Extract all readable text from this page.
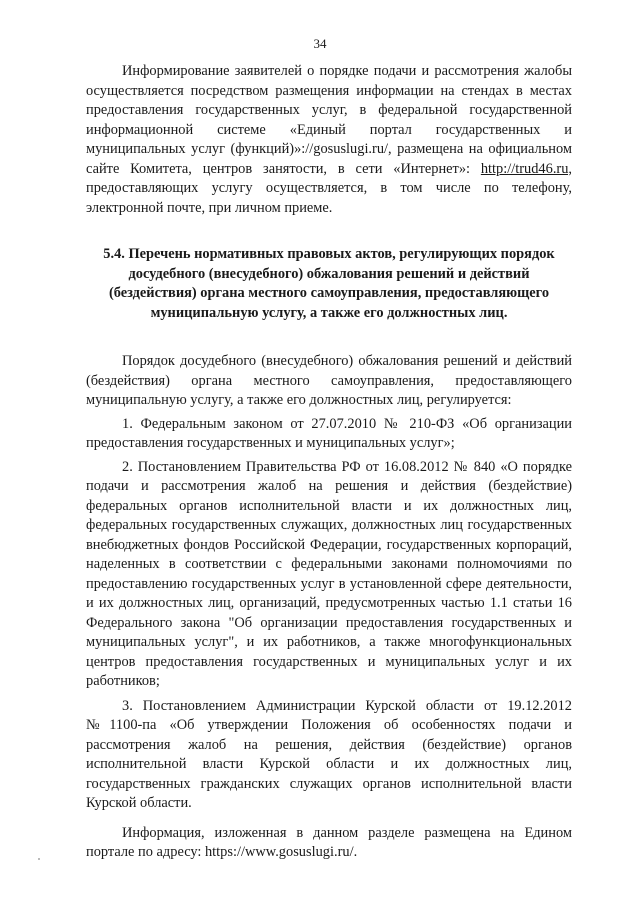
34

Информирование заявителей о порядке подачи и рассмотрения жалобы осуществляется посредством размещения информации на стендах в местах предоставления государственных услуг, в федеральной государственной информационной системе «Единый портал государственных и муниципальных услуг (функций)»://gosuslugi.ru/, размещена на официальном сайте Комитета, центров занятости, в сети «Интернет»: http://trud46.ru, предоставляющих услугу осуществляется, в том числе по телефону, электронной почте, при личном приеме.

5.4. Перечень нормативных правовых актов, регулирующих порядок досудебного (внесудебного) обжалования решений и действий (бездействия) органа местного самоуправления, предоставляющего муниципальную услугу, а также его должностных лиц.

Порядок досудебного (внесудебного) обжалования решений и действий (бездействия) органа местного самоуправления, предоставляющего муниципальную услугу, а также его должностных лиц, регулируется:

1. Федеральным законом от 27.07.2010 № 210-ФЗ «Об организации предоставления государственных и муниципальных услуг»;

2. Постановлением Правительства РФ от 16.08.2012 № 840 «О порядке подачи и рассмотрения жалоб на решения и действия (бездействие) федеральных органов исполнительной власти и их должностных лиц, федеральных государственных служащих, должностных лиц государственных внебюджетных фондов Российской Федерации, государственных корпораций, наделенных в соответствии с федеральными законами полномочиями по предоставлению государственных услуг в установленной сфере деятельности, и их должностных лиц, организаций, предусмотренных частью 1.1 статьи 16 Федерального закона "Об организации предоставления государственных и муниципальных услуг", и их работников, а также многофункциональных центров предоставления государственных и муниципальных услуг и их работников;

3. Постановлением Администрации Курской области от 19.12.2012 №1100-па «Об утверждении Положения об особенностях подачи и рассмотрения жалоб на решения, действия (бездействие) органов исполнительной власти Курской области и их должностных лиц, государственных гражданских служащих органов исполнительной власти Курской области.

Информация, изложенная в данном разделе размещена на Едином портале по адресу: https://www.gosuslugi.ru/.
